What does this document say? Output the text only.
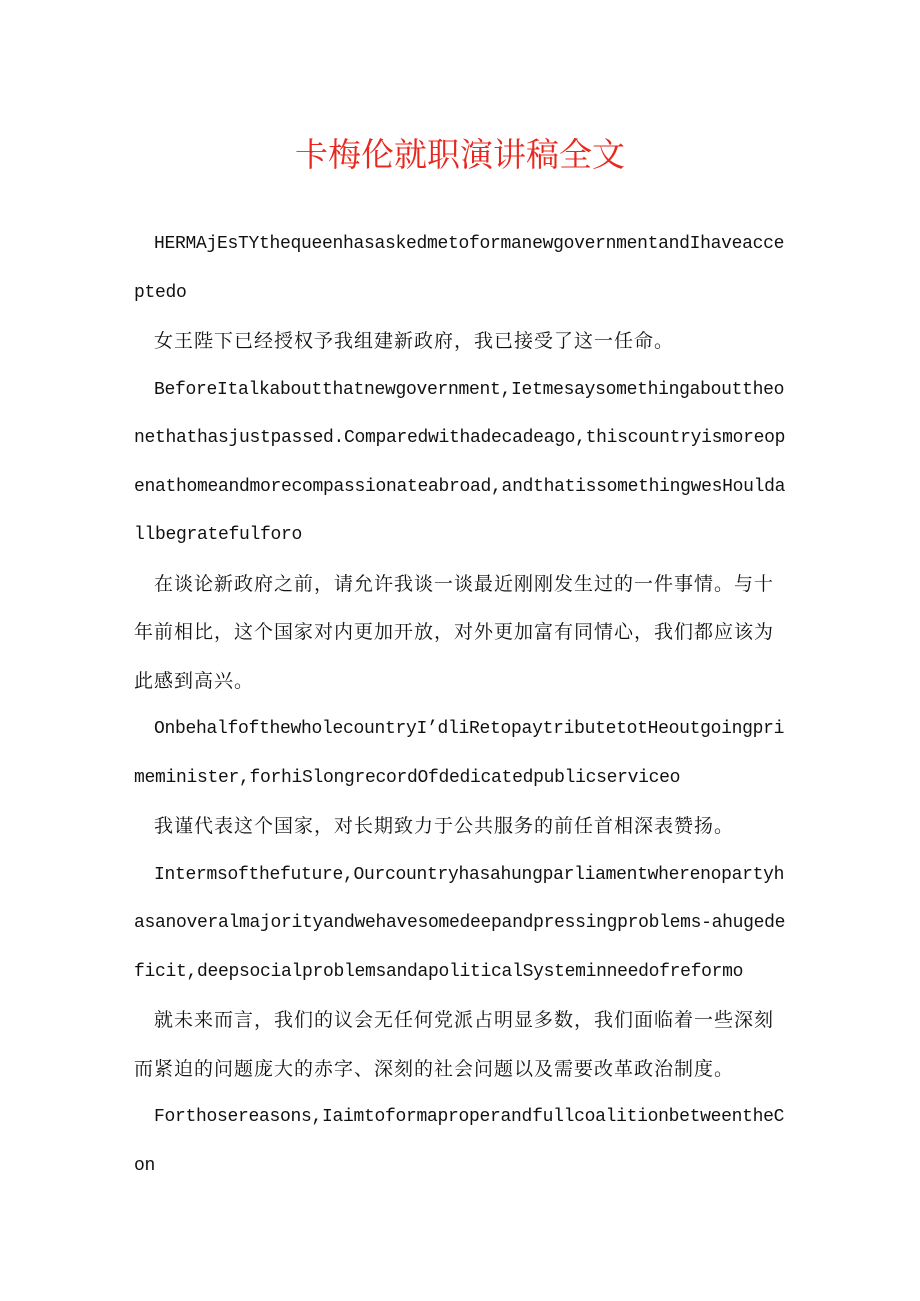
卡梅伦就职演讲稿全文

HERMAjEsTYthequeenhasaskedmetoformanewgovernmentandIhaveacceptedo

女王陛下已经授权予我组建新政府，我已接受了这一任命。

BeforeItalkaboutthatnewgovernment,Ietmesaysomethingabouttheonethathasjustpassed.Comparedwithadecadeago,thiscountryismoreopenathomeandmorecompassionateabroad,andthatissomethingwesHouldallbegratefulforo

在谈论新政府之前，请允许我谈一谈最近刚刚发生过的一件事情。与十年前相比，这个国家对内更加开放，对外更加富有同情心，我们都应该为此感到高兴。

OnbehalfofthewholecountryI’dliRetopaytributetotHeoutgoingprimeminister,forhiSlongrecordOfdedicatedpublicserviceo

我谨代表这个国家，对长期致力于公共服务的前任首相深表赞扬。

Intermsofthefuture,Ourcountryhasahungparliamentwherenopartyhasanoveralmajorityandwehavesomedeepandpressingproblems-ahugedeficit,deepsocialproblemsandapoliticalSysteminneedofreformo

就未来而言，我们的议会无任何党派占明显多数，我们面临着一些深刻而紧迫的问题庞大的赤字、深刻的社会问题以及需要改革政治制度。

Forthosereasons,IaimtoformaproperandfullcoalitionbetweentheCon
